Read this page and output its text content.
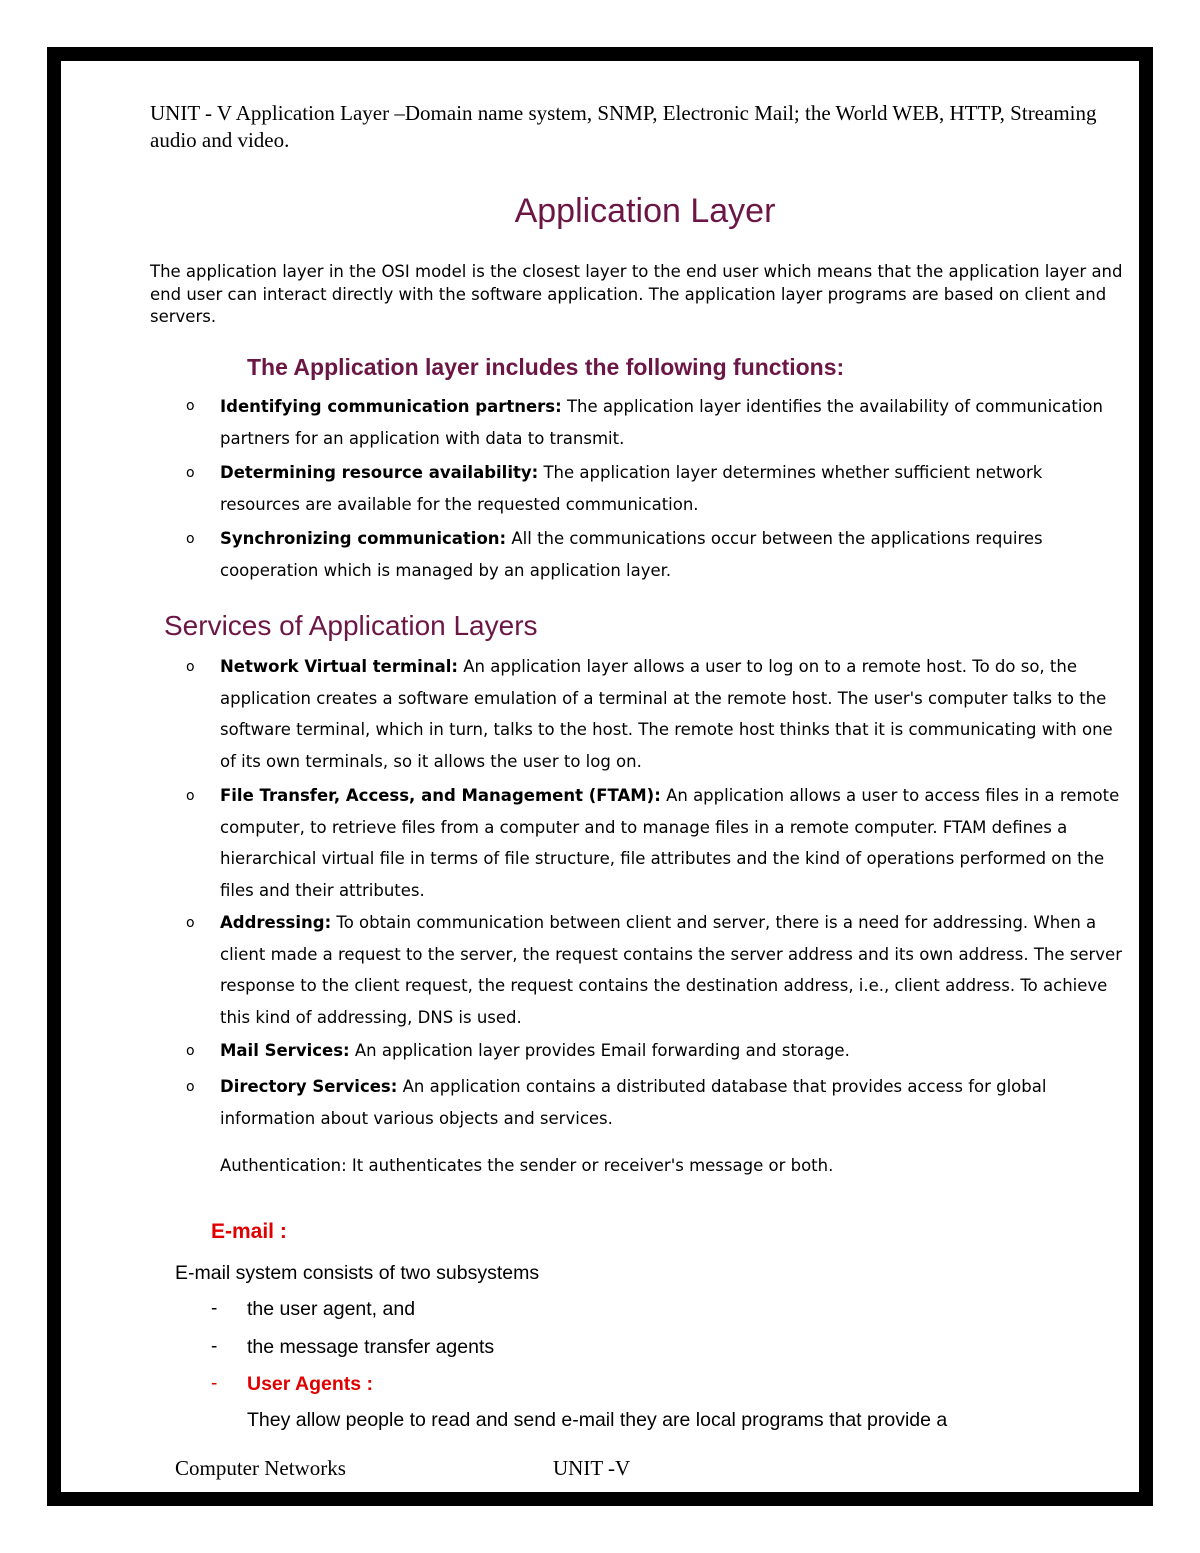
UNIT - V Application Layer –Domain name system, SNMP, Electronic Mail; the World WEB, HTTP, Streaming audio and video.
Application Layer
The application layer in the OSI model is the closest layer to the end user which means that the application layer and end user can interact directly with the software application. The application layer programs are based on client and servers.
The Application layer includes the following functions:
o Identifying communication partners: The application layer identifies the availability of communication partners for an application with data to transmit.
o Determining resource availability: The application layer determines whether sufficient network resources are available for the requested communication.
o Synchronizing communication: All the communications occur between the applications requires cooperation which is managed by an application layer.
Services of Application Layers
o Network Virtual terminal: An application layer allows a user to log on to a remote host. To do so, the application creates a software emulation of a terminal at the remote host. The user's computer talks to the software terminal, which in turn, talks to the host. The remote host thinks that it is communicating with one of its own terminals, so it allows the user to log on.
o File Transfer, Access, and Management (FTAM): An application allows a user to access files in a remote computer, to retrieve files from a computer and to manage files in a remote computer. FTAM defines a hierarchical virtual file in terms of file structure, file attributes and the kind of operations performed on the files and their attributes.
o Addressing: To obtain communication between client and server, there is a need for addressing. When a client made a request to the server, the request contains the server address and its own address. The server response to the client request, the request contains the destination address, i.e., client address. To achieve this kind of addressing, DNS is used.
o Mail Services: An application layer provides Email forwarding and storage.
o Directory Services: An application contains a distributed database that provides access for global information about various objects and services.
Authentication: It authenticates the sender or receiver's message or both.
E-mail :
E-mail system consists of two subsystems
- the user agent, and
- the message transfer agents
- User Agents :
They allow people to read and send e-mail they are local programs that provide a
Computer Networks	UNIT -V
